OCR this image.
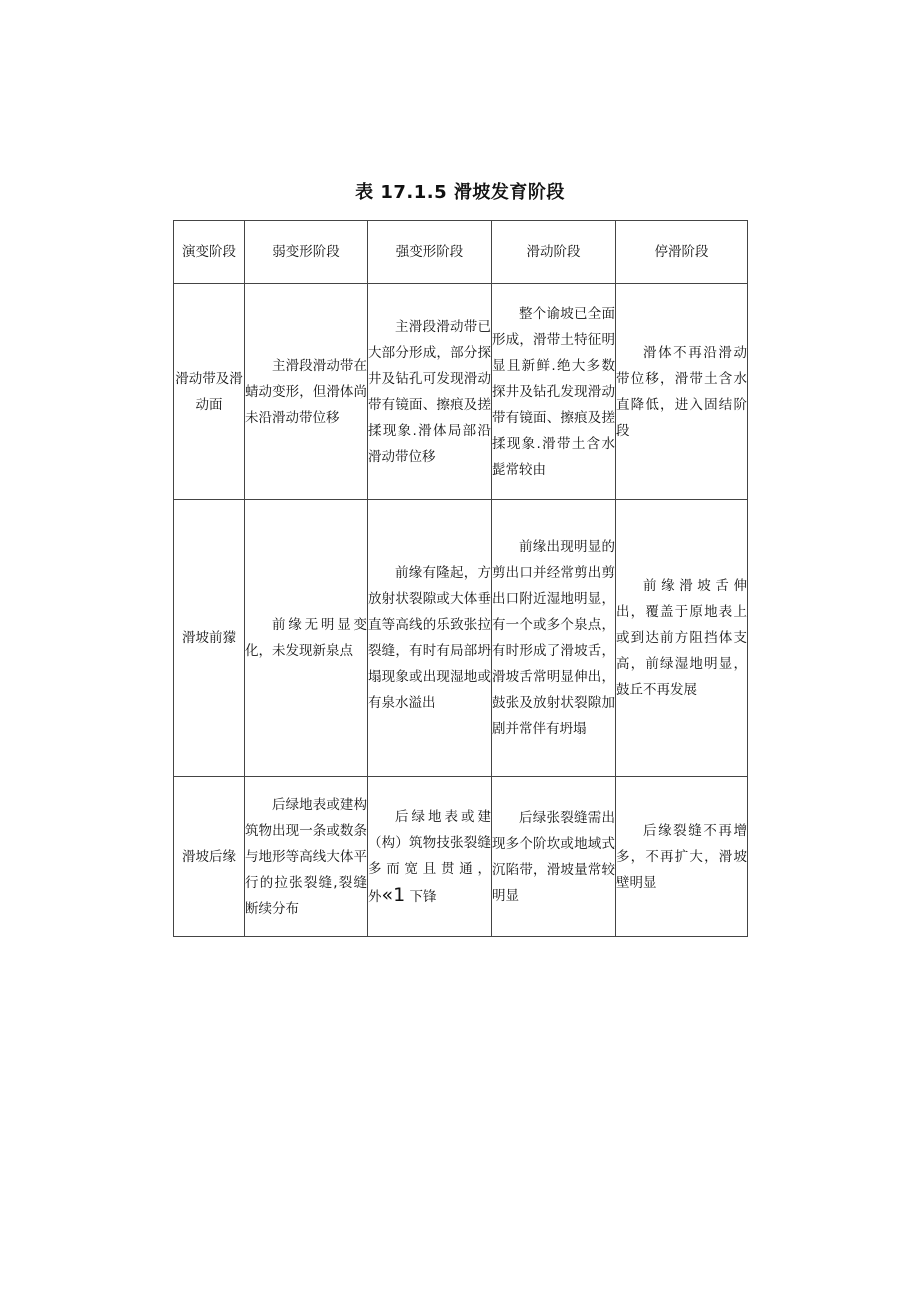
表 17.1.5 滑坡发育阶段
演变阶段	弱变形阶段	强变形阶段	滑动阶段	停滑阶段
滑动带及滑动面	主滑段滑动带在蜻动变形，但滑体尚未沿滑动带位移	主滑段滑动带已大部分形成，部分探井及钻孔可发现滑动带有镜面、擦痕及搓揉现象.滑体局部沿滑动带位移	整个谕坡已全面形成，滑带土特征明显且新鲜.绝大多数探井及钻孔发现滑动带有镜面、擦痕及搓揉现象.滑带土含水髭常较由	滑体不再沿滑动带位移，滑带土含水直降低，进入固结阶段
滑坡前獴	前缘无明显变化，未发现新泉点	前缘有隆起，方放射状裂隙或大体垂直等高线的乐致张拉裂缝，有时有局部坍塌现象或出现湿地或有泉水溢出	前缘出现明显的剪出口并经常剪出剪出口附近湿地明显，有一个或多个泉点，有时形成了滑坡舌，滑坡舌常明显伸出，鼓张及放射状裂隙加剧并常伴有坍塌	前缘滑坡舌伸出，覆盖于原地表上或到达前方阻挡体支高，前绿湿地明显，鼓丘不再发展
滑坡后缘	后绿地表或建构筑物出现一条或数条与地形等高线大体平行的拉张裂缝,裂缝断续分布	后绿地表或建（构）筑物技张裂缝多而宽且贯通，外«1 下锋	后绿张裂缝需出现多个阶坎或地域式沉陷带，滑坡量常较明显	后缘裂缝不再增多，不再扩大，滑坡壁明显
